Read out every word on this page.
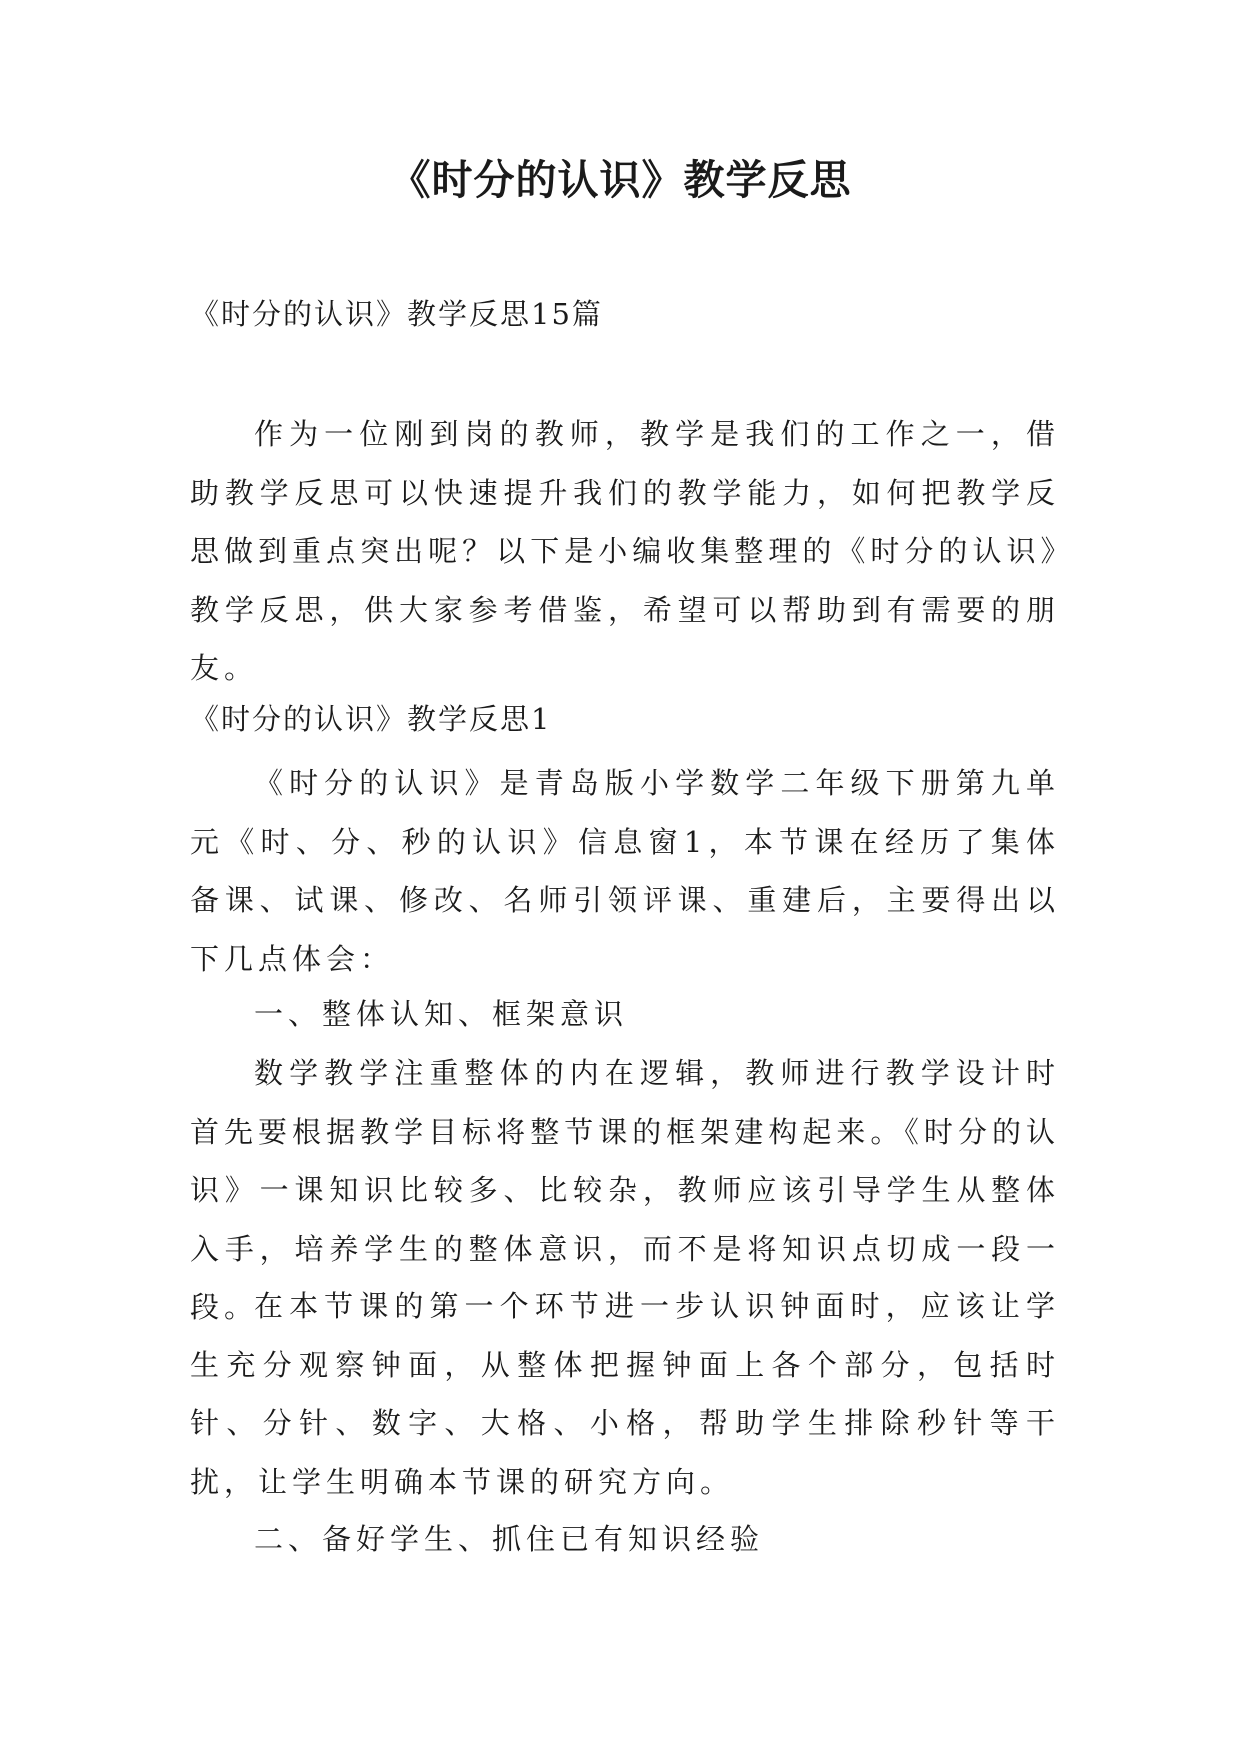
《时分的认识》教学反思

《时分的认识》教学反思15篇

作为一位刚到岗的教师，教学是我们的工作之一，借助教学反思可以快速提升我们的教学能力，如何把教学反思做到重点突出呢？以下是小编收集整理的《时分的认识》教学反思，供大家参考借鉴，希望可以帮助到有需要的朋友。

《时分的认识》教学反思1

《时分的认识》是青岛版小学数学二年级下册第九单元《时、分、秒的认识》信息窗1，本节课在经历了集体备课、试课、修改、名师引领评课、重建后，主要得出以下几点体会：

一、整体认知、框架意识

数学教学注重整体的内在逻辑，教师进行教学设计时首先要根据教学目标将整节课的框架建构起来。《时分的认识》一课知识比较多、比较杂，教师应该引导学生从整体入手，培养学生的整体意识，而不是将知识点切成一段一段。

在本节课的第一个环节进一步认识钟面时，应该让学生充分观察钟面，从整体把握钟面上各个部分，包括时针、分针、数字、大格、小格，帮助学生排除秒针等干扰，让学生明确本节课的研究方向。

二、备好学生、抓住已有知识经验
